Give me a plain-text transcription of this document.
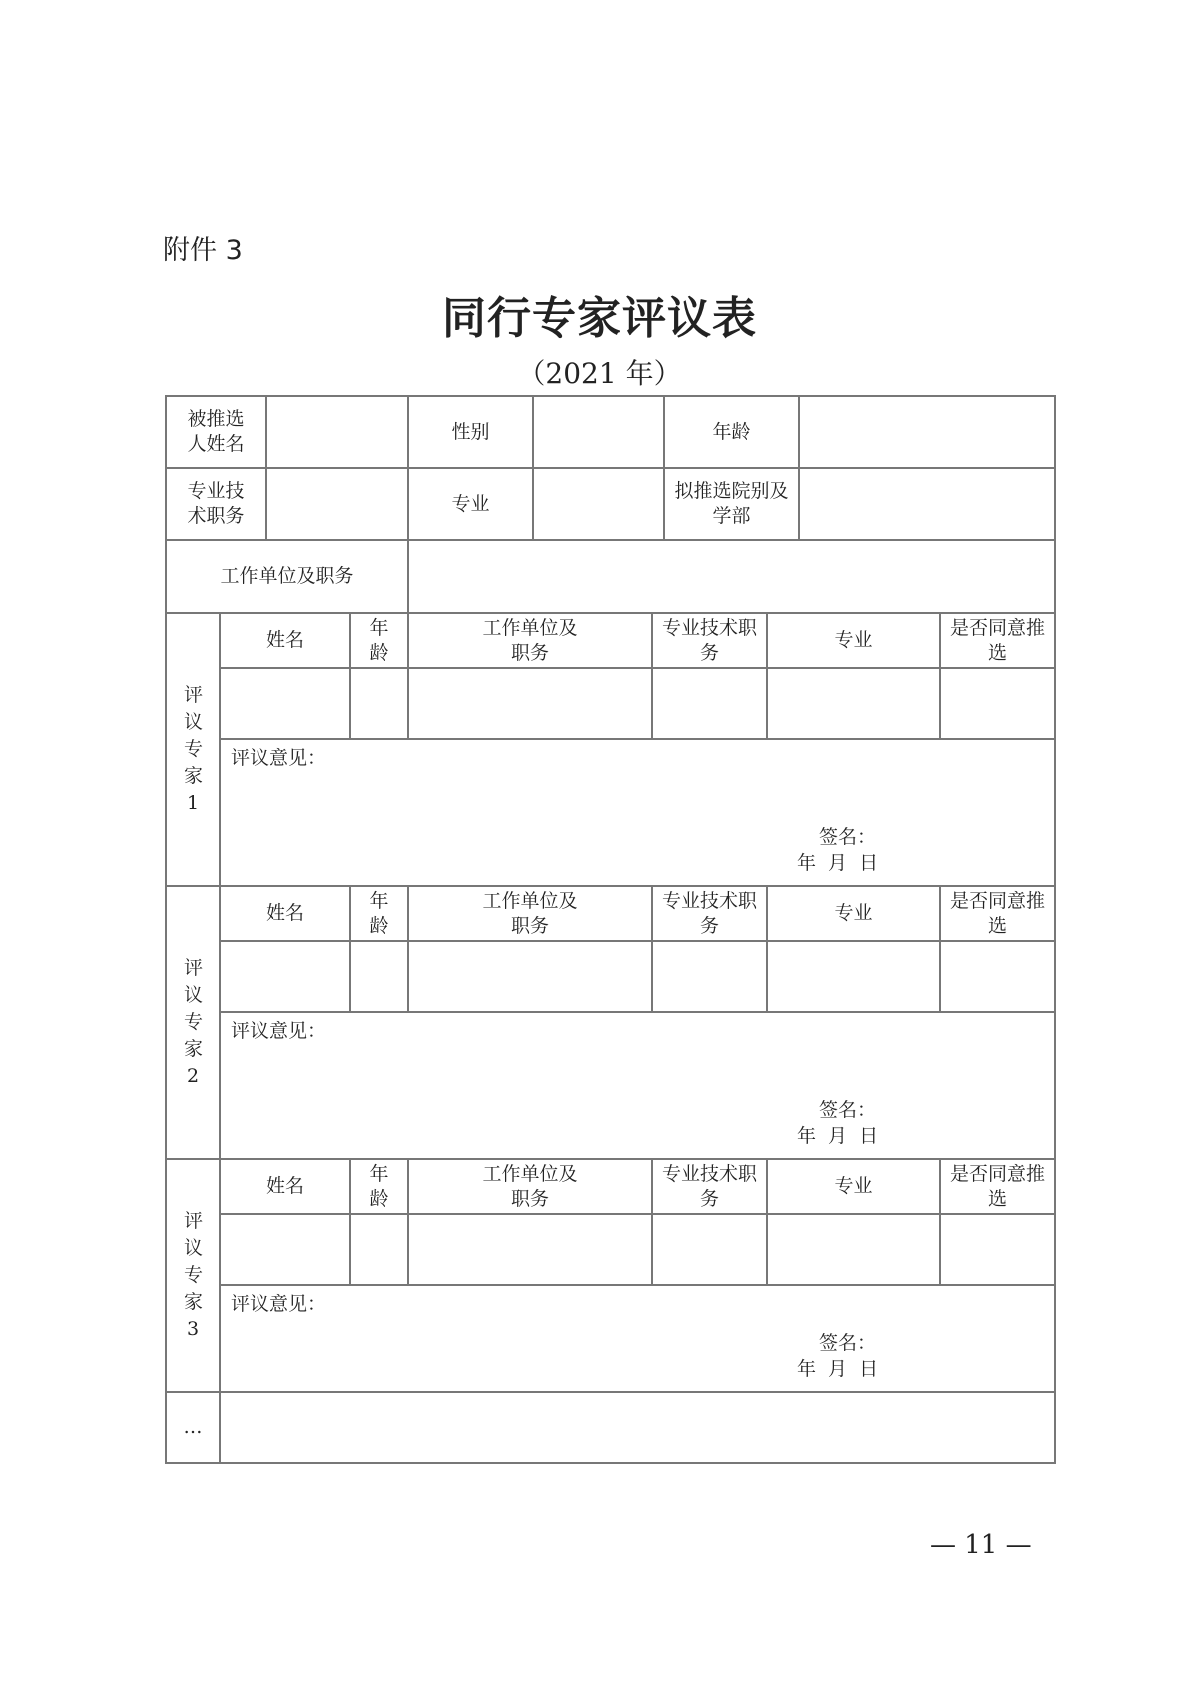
附件 3
同行专家评议表
（2021 年）
被推选人姓名				性别			年龄			
专业技术职务				专业			拟推选院别及学部			
工作单位及职务										
评议专家1	姓名		年龄	工作单位及职务		专业技术职务		专业		是否同意推选

	评议意见：
签名：
年 月 日									

评议专家2	姓名		年龄	工作单位及职务		专业技术职务		专业		是否同意推选

	评议意见：
签名：
年 月 日									

评议专家3	姓名		年龄	工作单位及职务		专业技术职务		专业		是否同意推选

	评议意见：
签名：
年 月 日									

…										
— 11 —
